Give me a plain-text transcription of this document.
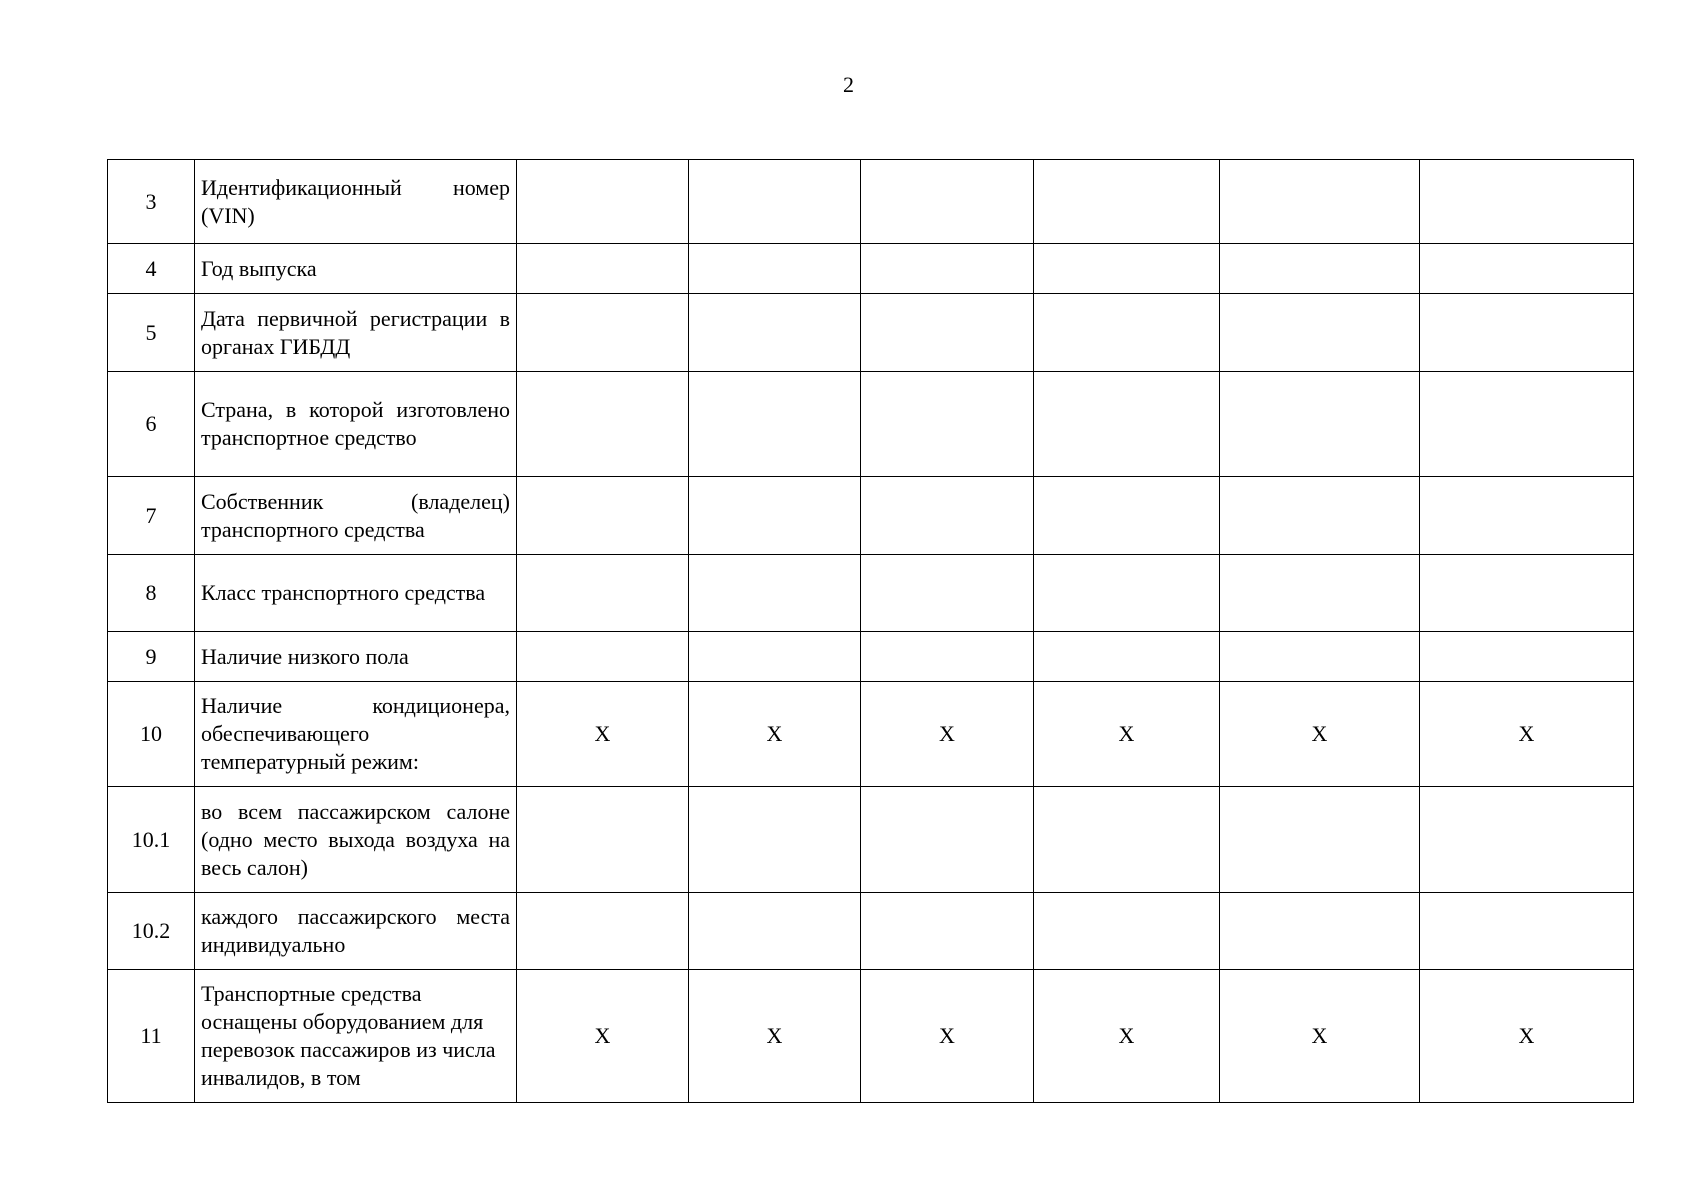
2
3	Идентификационный номер (VIN)						
4	Год выпуска						
5	Дата первичной регистрации в органах ГИБДД						
6	Страна, в которой изготовлено транспортное средство						
7	Собственник (владелец) транспортного средства						
8	Класс транспортного средства						
9	Наличие низкого пола						
10	Наличие кондиционера, обеспечивающего температурный режим:	Х	Х	Х	Х	Х	Х
10.1	во всем пассажирском салоне (одно место выхода воздуха на весь салон)						
10.2	каждого пассажирского места индивидуально						
11	Транспортные средства оснащены оборудованием для перевозок пассажиров из числа инвалидов, в том	Х	Х	Х	Х	Х	Х
